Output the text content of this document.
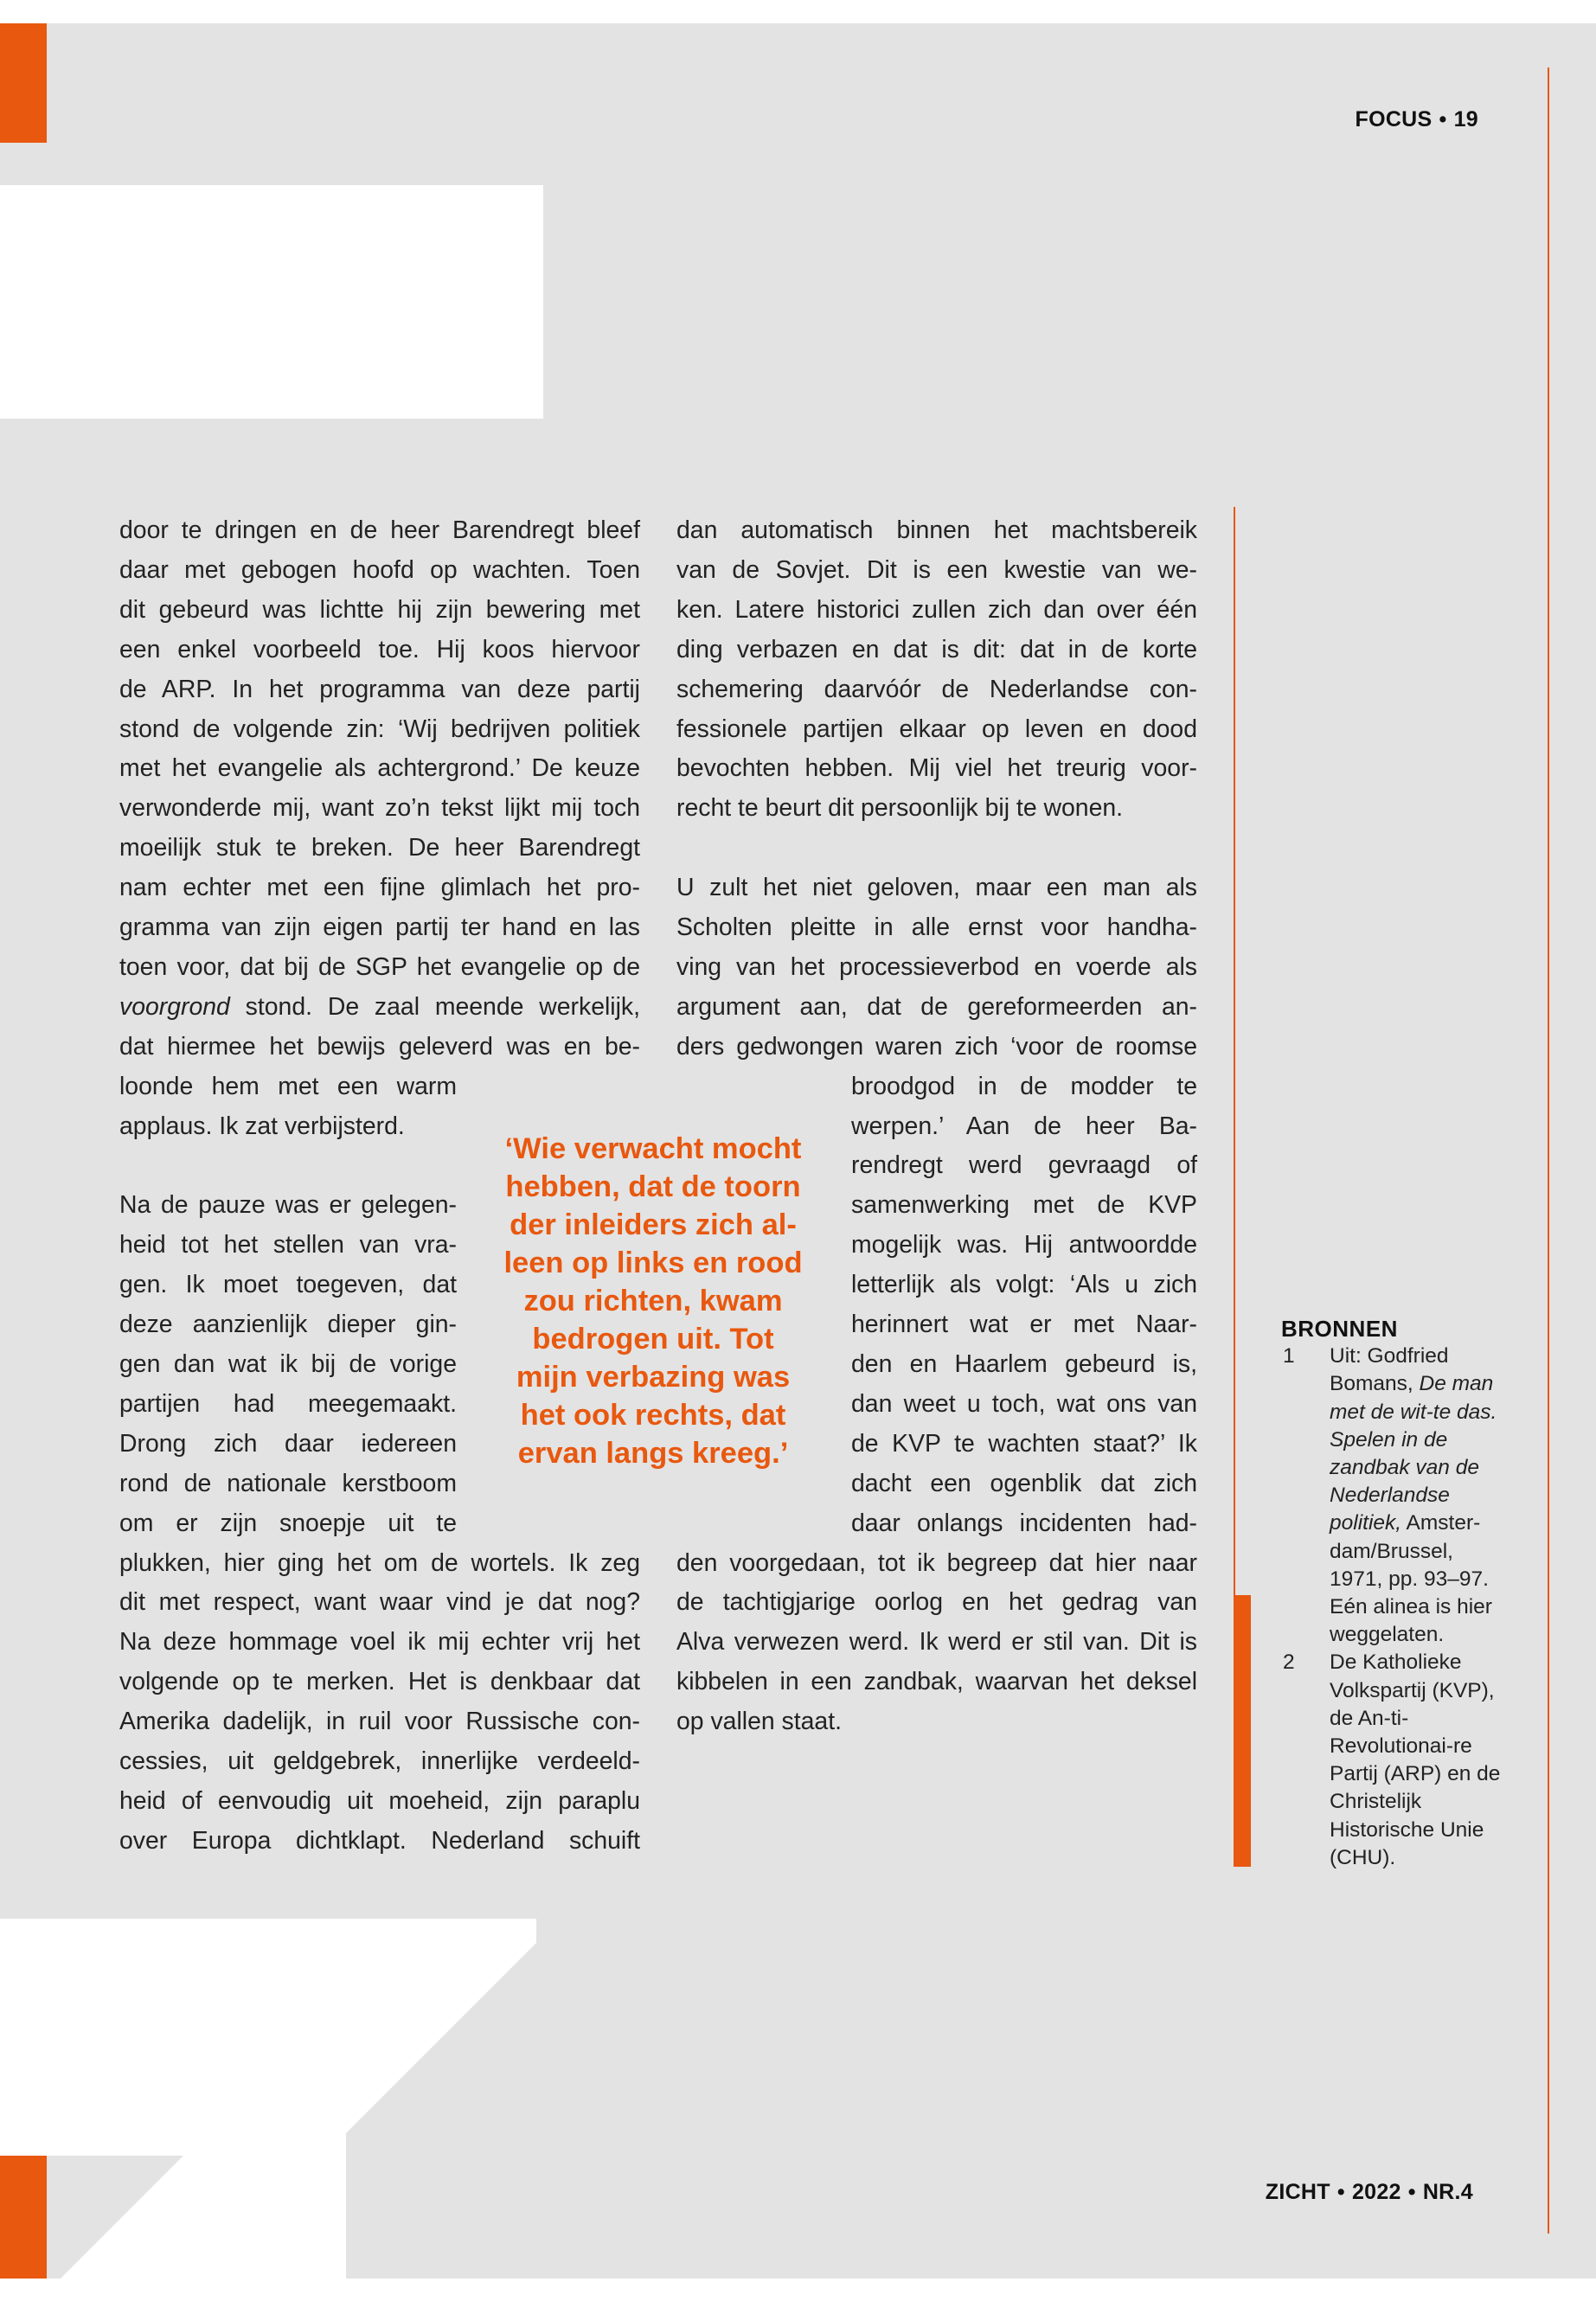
FOCUS • 19
ZICHT • 2022 • NR.4

door te dringen en de heer Barendregt bleef
daar met gebogen hoofd op wachten. Toen
dit gebeurd was lichtte hij zijn bewering met
een enkel voorbeeld toe. Hij koos hiervoor
de ARP. In het programma van deze partij
stond de volgende zin: ‘Wij bedrijven politiek
met het evangelie als achtergrond.’ De keuze
verwonderde mij, want zo’n tekst lijkt mij toch
moeilijk stuk te breken. De heer Barendregt
nam echter met een fijne glimlach het pro-
gramma van zijn eigen partij ter hand en las
toen voor, dat bij de SGP het evangelie op de
voorgrond stond. De zaal meende werkelijk,
dat hiermee het bewijs geleverd was en be-
loonde hem met een warm
applaus. Ik zat verbijsterd.

Na de pauze was er gelegen-
heid tot het stellen van vra-
gen. Ik moet toegeven, dat
deze aanzienlijk dieper gin-
gen dan wat ik bij de vorige
partijen had meegemaakt.
Drong zich daar iedereen
rond de nationale kerstboom
om er zijn snoepje uit te
plukken, hier ging het om de wortels. Ik zeg
dit met respect, want waar vind je dat nog?
Na deze hommage voel ik mij echter vrij het
volgende op te merken. Het is denkbaar dat
Amerika dadelijk, in ruil voor Russische con-
cessies, uit geldgebrek, innerlijke verdeeld-
heid of eenvoudig uit moeheid, zijn paraplu
over Europa dichtklapt. Nederland schuift

dan automatisch binnen het machtsbereik
van de Sovjet. Dit is een kwestie van we-
ken. Latere historici zullen zich dan over één
ding verbazen en dat is dit: dat in de korte
schemering daarvóór de Nederlandse con-
fessionele partijen elkaar op leven en dood
bevochten hebben. Mij viel het treurig voor-
recht te beurt dit persoonlijk bij te wonen.

U zult het niet geloven, maar een man als
Scholten pleitte in alle ernst voor handha-
ving van het processieverbod en voerde als
argument aan, dat de gereformeerden an-
ders gedwongen waren zich ‘voor de roomse
broodgod in de modder te
werpen.’ Aan de heer Ba-
rendregt werd gevraagd of
samenwerking met de KVP
mogelijk was. Hij antwoordde
letterlijk als volgt: ‘Als u zich
herinnert wat er met Naar-
den en Haarlem gebeurd is,
dan weet u toch, wat ons van
de KVP te wachten staat?’ Ik
dacht een ogenblik dat zich
daar onlangs incidenten had-
den voorgedaan, tot ik begreep dat hier naar
de tachtigjarige oorlog en het gedrag van
Alva verwezen werd. Ik werd er stil van. Dit is
kibbelen in een zandbak, waarvan het deksel
op vallen staat.

‘Wie verwacht mocht
hebben, dat de toorn
der inleiders zich al-
leen op links en rood
zou richten, kwam
bedrogen uit. Tot
mijn verbazing was
het ook rechts, dat
ervan langs kreeg.’
BRONNEN
1 Uit: Godfried Bomans, De man met de wit-te das. Spelen in de zandbak van de Nederlandse politiek, Amster-dam/Brussel, 1971, pp. 93–97. Eén alinea is hier weggelaten.
2 De Katholieke Volkspartij (KVP), de An-ti-Revolutionai-re Partij (ARP) en de Christelijk Historische Unie (CHU).
